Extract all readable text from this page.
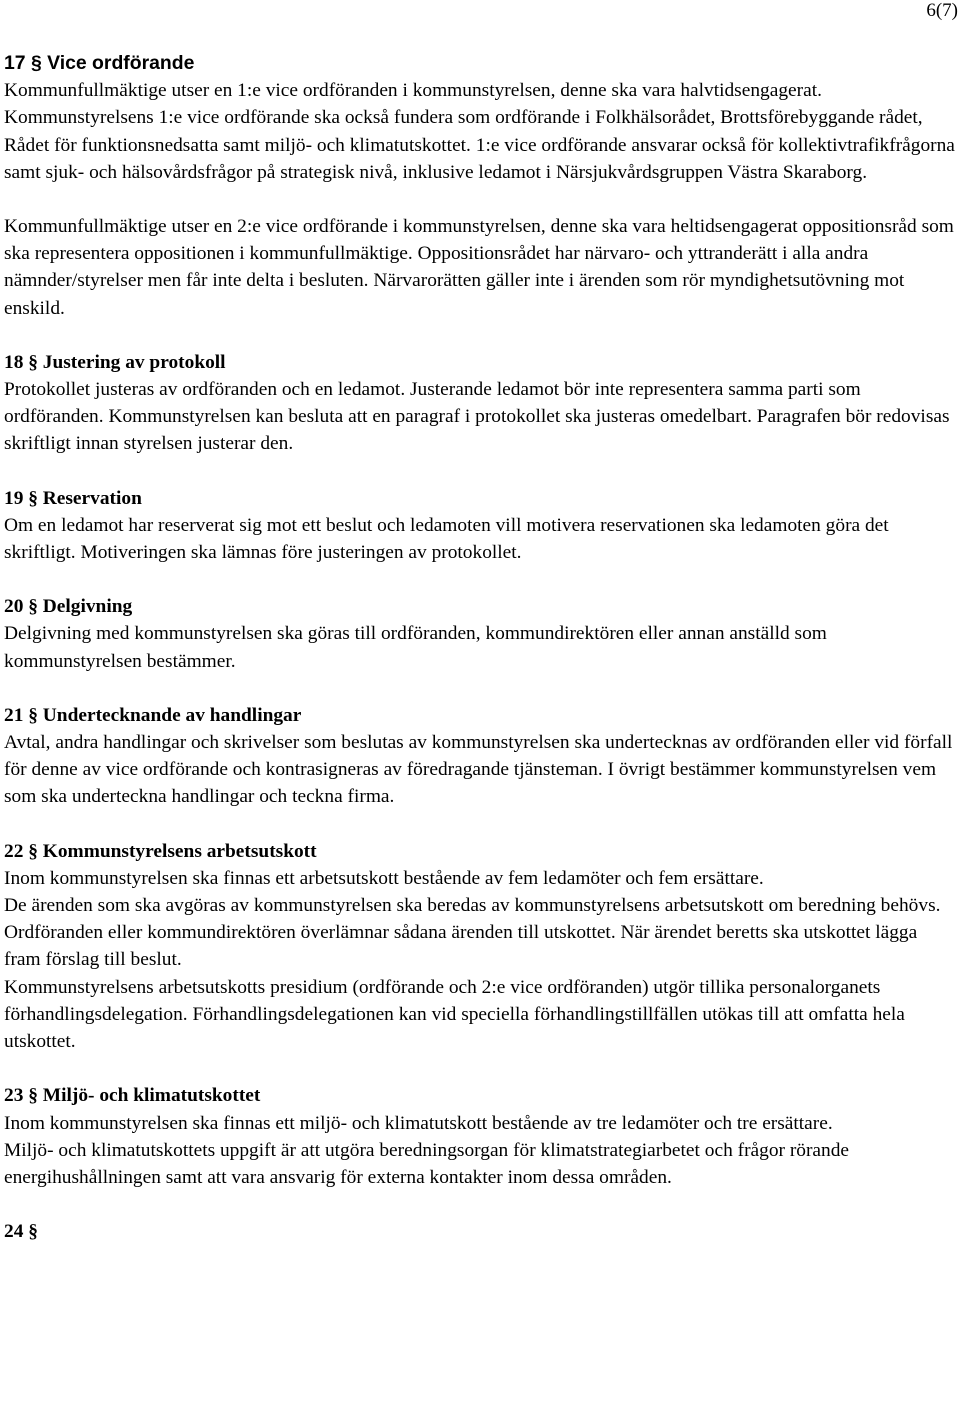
6(7)

17 § Vice ordförande

Kommunfullmäktige utser en 1:e vice ordföranden i kommunstyrelsen, denne ska vara halvtidsengagerat. Kommunstyrelsens 1:e vice ordförande ska också fundera som ordförande i Folkhälsorådet, Brottsförebyggande rådet, Rådet för funktionsnedsatta samt miljö- och klimatutskottet. 1:e vice ordförande ansvarar också för kollektivtrafikfrågorna samt sjuk- och hälsovårdsfrågor på strategisk nivå, inklusive ledamot i Närsjukvårdsgruppen Västra Skaraborg.

Kommunfullmäktige utser en 2:e vice ordförande i kommunstyrelsen, denne ska vara heltidsengagerat oppositionsråd som ska representera oppositionen i kommunfullmäktige. Oppositionsrådet har närvaro- och yttranderätt i alla andra nämnder/styrelser men får inte delta i besluten. Närvarorätten gäller inte i ärenden som rör myndighetsutövning mot enskild.

18 § Justering av protokoll

Protokollet justeras av ordföranden och en ledamot. Justerande ledamot bör inte representera samma parti som ordföranden. Kommunstyrelsen kan besluta att en paragraf i protokollet ska justeras omedelbart. Paragrafen bör redovisas skriftligt innan styrelsen justerar den.

19 § Reservation

Om en ledamot har reserverat sig mot ett beslut och ledamoten vill motivera reservationen ska ledamoten göra det skriftligt. Motiveringen ska lämnas före justeringen av protokollet.

20 § Delgivning

Delgivning med kommunstyrelsen ska göras till ordföranden, kommundirektören eller annan anställd som kommunstyrelsen bestämmer.

21 § Undertecknande av handlingar

Avtal, andra handlingar och skrivelser som beslutas av kommunstyrelsen ska undertecknas av ordföranden eller vid förfall för denne av vice ordförande och kontrasigneras av föredragande tjänsteman. I övrigt bestämmer kommunstyrelsen vem som ska underteckna handlingar och teckna firma.

22 § Kommunstyrelsens arbetsutskott

Inom kommunstyrelsen ska finnas ett arbetsutskott bestående av fem ledamöter och fem ersättare.

De ärenden som ska avgöras av kommunstyrelsen ska beredas av kommunstyrelsens arbetsutskott om beredning behövs. Ordföranden eller kommundirektören överlämnar sådana ärenden till utskottet. När ärendet beretts ska utskottet lägga fram förslag till beslut.

Kommunstyrelsens arbetsutskotts presidium (ordförande och 2:e vice ordföranden) utgör tillika personalorganets förhandlingsdelegation. Förhandlingsdelegationen kan vid speciella förhandlingstillfällen utökas till att omfatta hela utskottet.

23 § Miljö- och klimatutskottet

Inom kommunstyrelsen ska finnas ett miljö- och klimatutskott bestående av tre ledamöter och tre ersättare.

Miljö- och klimatutskottets uppgift är att utgöra beredningsorgan för klimatstrategiarbetet och frågor rörande energihushållningen samt att vara ansvarig för externa kontakter inom dessa områden.

24 §
